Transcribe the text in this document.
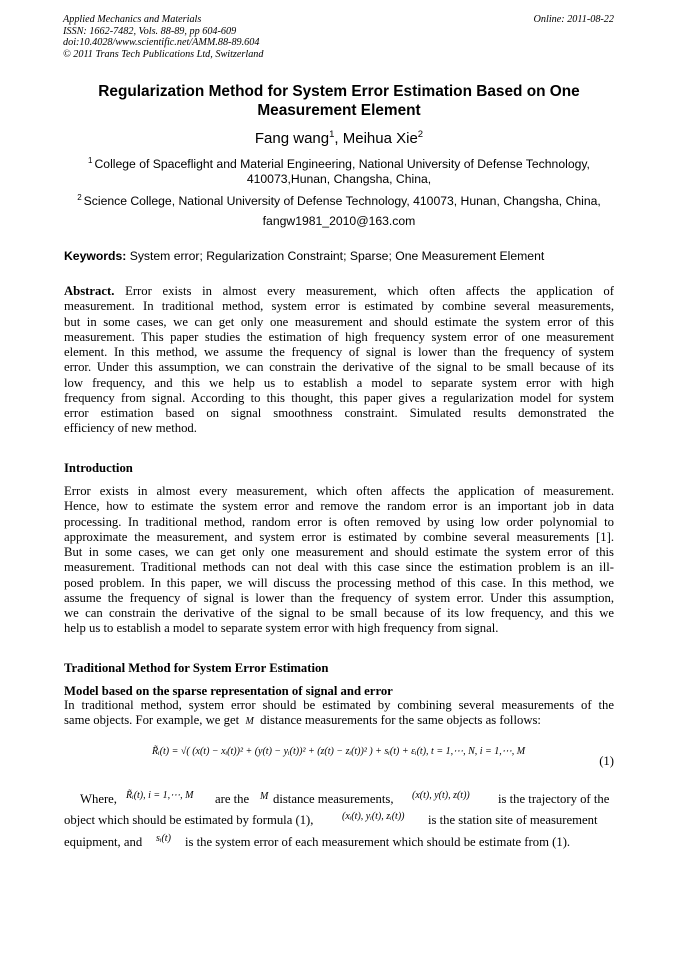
Applied Mechanics and Materials
ISSN: 1662-7482, Vols. 88-89, pp 604-609
doi:10.4028/www.scientific.net/AMM.88-89.604
© 2011 Trans Tech Publications Ltd, Switzerland
Online: 2011-08-22
Regularization Method for System Error Estimation Based on One
Measurement Element
Fang wang$^1$, Meihua Xie$^2$
$^1$ College of Spaceflight and Material Engineering, National University of Defense Technology,
410073,Hunan, Changsha, China,
$^2$ Science College, National University of Defense Technology, 410073, Hunan, Changsha, China,
fangw1981_2010@163.com
Keywords: System error; Regularization Constraint; Sparse; One Measurement Element
Abstract. Error exists in almost every measurement, which often affects the application of
measurement. In traditional method, system error is estimated by combine several measurements,
but in some cases, we can get only one measurement and should estimate the system error of this
measurement. This paper studies the estimation of high frequency system error of one measurement
element. In this method, we assume the frequency of signal is lower than the frequency of system
error. Under this assumption, we can constrain the derivative of the signal to be small because of its
low frequency, and this we help us to establish a model to separate system error with high
frequency from signal. According to this thought, this paper gives a regularization model for system
error estimation based on signal smoothness constraint. Simulated results demonstrated the
efficiency of new method.
Introduction
Error exists in almost every measurement, which often affects the application of measurement.
Hence, how to estimate the system error and remove the random error is an important job in data
processing. In traditional method, random error is often removed by using low order polynomial to
approximate the measurement, and system error is estimated by combine several measurements [1].
But in some cases, we can get only one measurement and should estimate the system error of this
measurement. Traditional methods can not deal with this case since the estimation problem is an ill-
posed problem. In this paper, we will discuss the processing method of this case. In this method, we
assume the frequency of signal is lower than the frequency of system error. Under this assumption,
we can constrain the derivative of the signal to be small because of its low frequency, and this we
help us to establish a model to separate system error with high frequency from signal.
Traditional Method for System Error Estimation
Model based on the sparse representation of signal and error
In traditional method, system error should be estimated by combining several measurements of the
same objects. For example, we get M distance measurements for the same objects as follows:
R̃ᵢ(t) = √( (x(t) − xᵢ(t))² + (y(t) − yᵢ(t))² + (z(t) − zᵢ(t))² ) + sᵢ(t) + εᵢ(t), t = 1,⋯, N, i = 1,⋯, M
(1)
Where, R̃ᵢ(t), i = 1,⋯, M are the M distance measurements, (x(t), y(t), z(t)) is the trajectory of the
object which should be estimated by formula (1),	(xᵢ(t), yᵢ(t), zᵢ(t)) is the station site of measurement
equipment, and sᵢ(t) is the system error of each measurement which should be estimate from (1).
